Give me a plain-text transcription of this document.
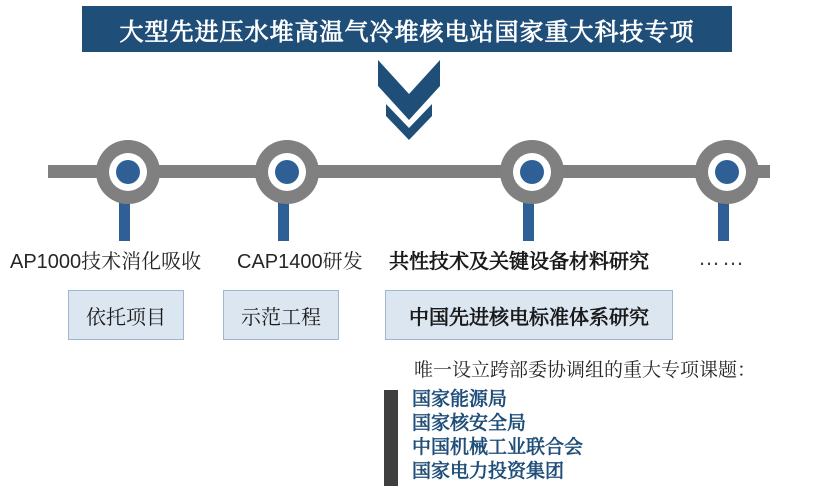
大型先进压水堆高温气冷堆核电站国家重大科技专项
AP1000技术消化吸收 CAP1400研发 共性技术及关键设备材料研究 ……
依托项目	示范工程	中国先进核电标准体系研究
唯一设立跨部委协调组的重大专项课题：
国家能源局
国家核安全局
中国机械工业联合会
国家电力投资集团
